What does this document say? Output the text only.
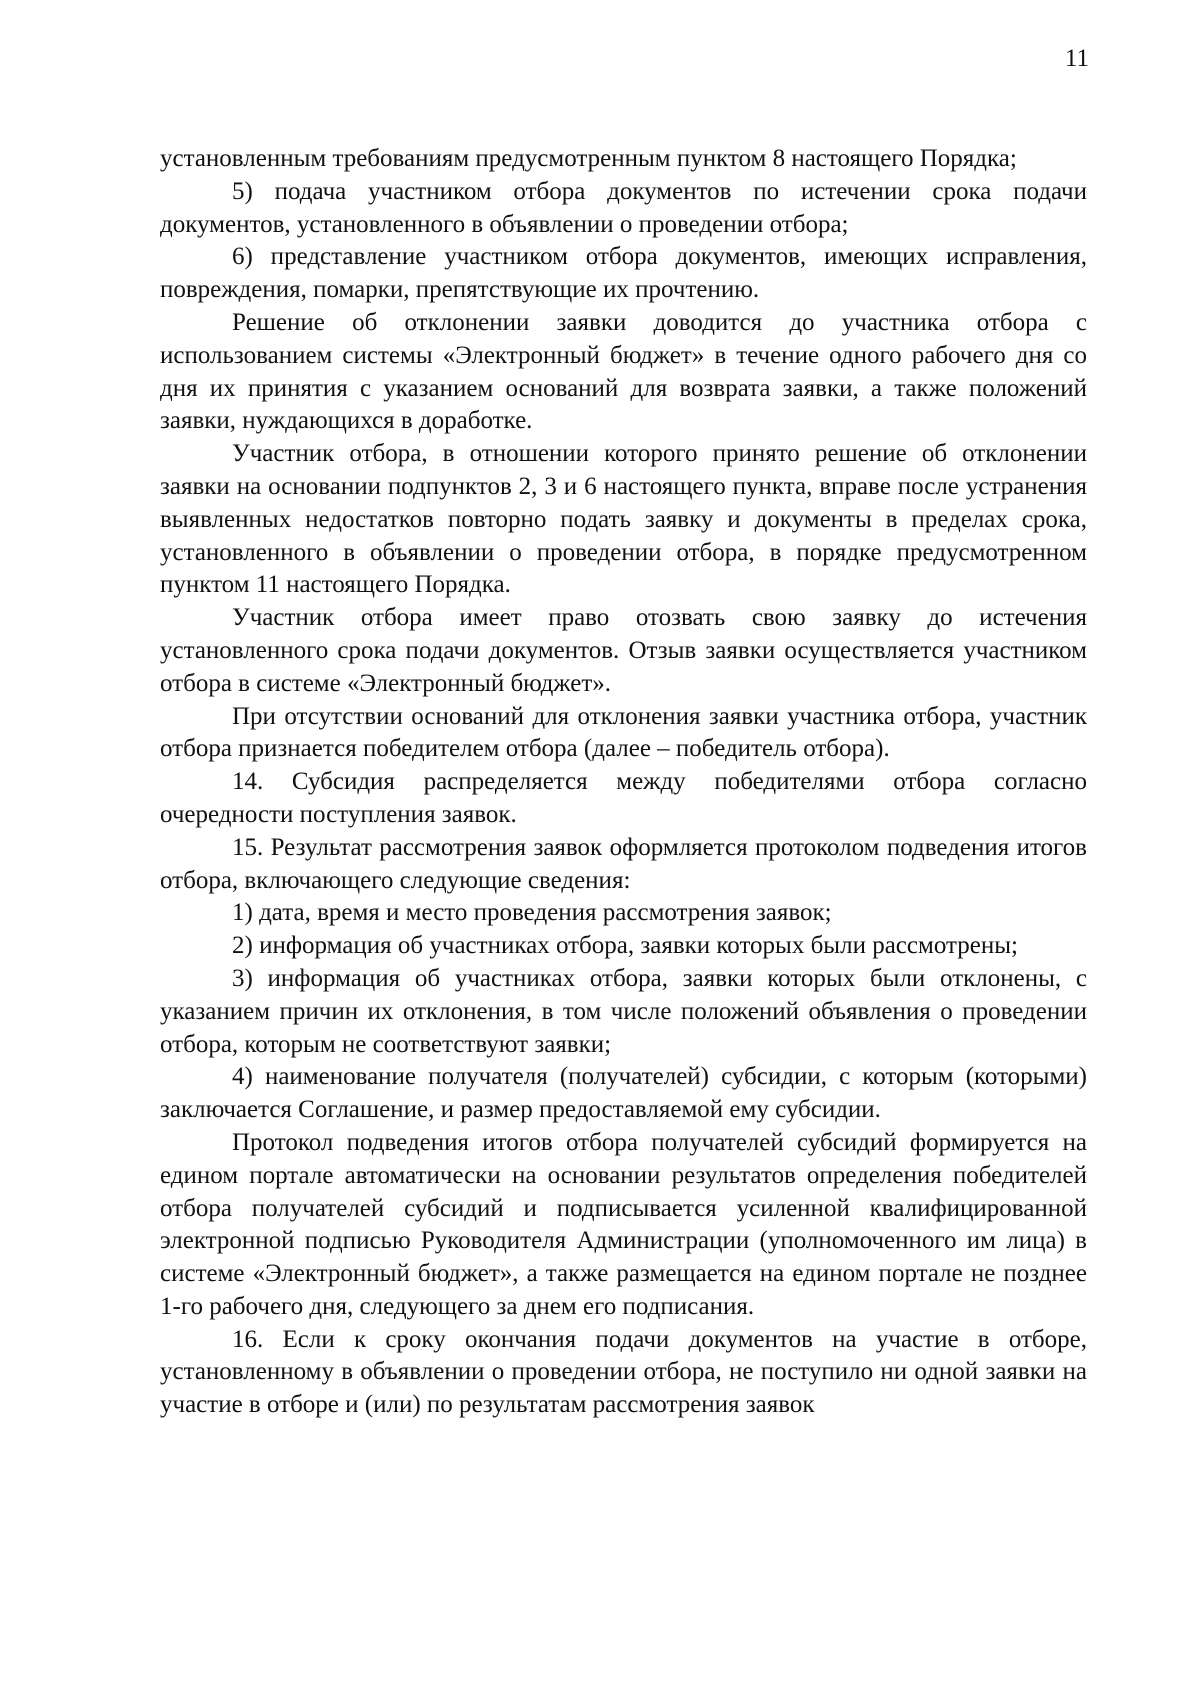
11

установленным требованиям предусмотренным пунктом 8 настоящего Порядка;

5) подача участником отбора документов по истечении срока подачи документов, установленного в объявлении о проведении отбора;

6) представление участником отбора документов, имеющих исправления, повреждения, помарки, препятствующие их прочтению.

Решение об отклонении заявки доводится до участника отбора с использованием системы «Электронный бюджет» в течение одного рабочего дня со дня их принятия с указанием оснований для возврата заявки, а также положений заявки, нуждающихся в доработке.

Участник отбора, в отношении которого принято решение об отклонении заявки на основании подпунктов 2, 3 и 6 настоящего пункта, вправе после устранения выявленных недостатков повторно подать заявку и документы в пределах срока, установленного в объявлении о проведении отбора, в порядке предусмотренном пунктом 11 настоящего Порядка.

Участник отбора имеет право отозвать свою заявку до истечения установленного срока подачи документов. Отзыв заявки осуществляется участником отбора в системе «Электронный бюджет».

При отсутствии оснований для отклонения заявки участника отбора, участник отбора признается победителем отбора (далее – победитель отбора).

14. Субсидия распределяется между победителями отбора согласно очередности поступления заявок.

15. Результат рассмотрения заявок оформляется протоколом подведения итогов отбора, включающего следующие сведения:

1) дата, время и место проведения рассмотрения заявок;

2) информация об участниках отбора, заявки которых были рассмотрены;

3) информация об участниках отбора, заявки которых были отклонены, с указанием причин их отклонения, в том числе положений объявления о проведении отбора, которым не соответствуют заявки;

4) наименование получателя (получателей) субсидии, с которым (которыми) заключается Соглашение, и размер предоставляемой ему субсидии.

Протокол подведения итогов отбора получателей субсидий формируется на едином портале автоматически на основании результатов определения победителей отбора получателей субсидий и подписывается усиленной квалифицированной электронной подписью Руководителя Администрации (уполномоченного им лица) в системе «Электронный бюджет», а также размещается на едином портале не позднее 1-го рабочего дня, следующего за днем его подписания.

16. Если к сроку окончания подачи документов на участие в отборе, установленному в объявлении о проведении отбора, не поступило ни одной заявки на участие в отборе и (или) по результатам рассмотрения заявок
